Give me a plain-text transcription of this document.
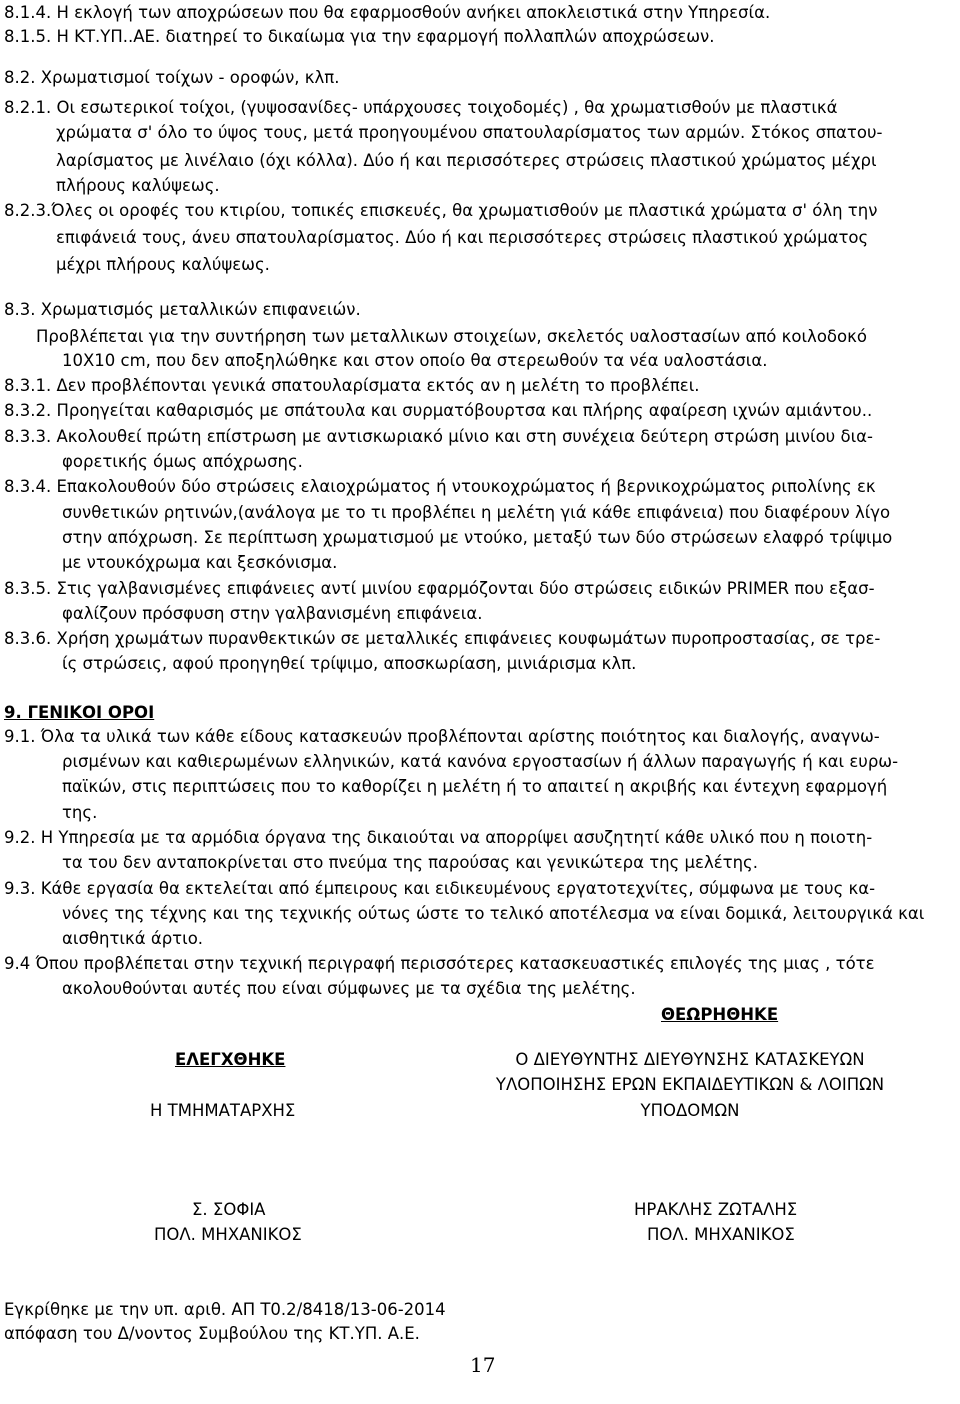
8.1.4. Η εκλογή των αποχρώσεων που θα εφαρμοσθούν ανήκει αποκλειστικά στην Υπηρεσία.
8.1.5. Η ΚΤ.ΥΠ..ΑΕ. διατηρεί το δικαίωμα για την εφαρμογή πολλαπλών αποχρώσεων.
8.2. Χρωματισμοί τοίχων - οροφών, κλπ.
8.2.1. Οι εσωτερικοί τοίχοι, (γυψοσανίδες- υπάρχουσες τοιχοδομές) , θα χρωματισθούν με πλαστικά
χρώματα σ' όλο το ύψος τους, μετά προηγουμένου σπατουλαρίσματος των αρμών. Στόκος σπατου-
λαρίσματος με λινέλαιο (όχι κόλλα). Δύο ή και περισσότερες στρώσεις πλαστικού χρώματος μέχρι
πλήρους καλύψεως.
8.2.3.Όλες οι οροφές του κτιρίου, τοπικές επισκευές, θα χρωματισθούν με πλαστικά χρώματα σ' όλη την
επιφάνειά τους, άνευ σπατουλαρίσματος. Δύο ή και περισσότερες στρώσεις πλαστικού χρώματος
μέχρι πλήρους καλύψεως.
8.3. Χρωματισμός μεταλλικών επιφανειών.
Προβλέπεται για την συντήρηση των μεταλλικων στοιχείων, σκελετός υαλοστασίων από κοιλοδοκό
10Χ10 cm, που δεν αποξηλώθηκε και στον οποίο θα στερεωθούν τα νέα υαλοστάσια.
8.3.1. Δεν προβλέπονται γενικά σπατουλαρίσματα εκτός αν η μελέτη το προβλέπει.
8.3.2. Προηγείται καθαρισμός με σπάτουλα και συρματόβουρτσα και πλήρης αφαίρεση ιχνών αμιάντου..
8.3.3. Ακολουθεί πρώτη επίστρωση με αντισκωριακό μίνιο και στη συνέχεια δεύτερη στρώση μινίου δια-
φορετικής όμως απόχρωσης.
8.3.4. Επακολουθούν δύο στρώσεις ελαιοχρώματος ή ντουκοχρώματος ή βερνικοχρώματος ριπολίνης εκ
συνθετικών ρητινών,(ανάλογα με το τι προβλέπει η μελέτη γιά κάθε επιφάνεια) που διαφέρουν λίγο
στην απόχρωση. Σε περίπτωση χρωματισμού με ντούκο, μεταξύ των δύο στρώσεων ελαφρό τρίψιμο
με ντουκόχρωμα και ξεσκόνισμα.
8.3.5. Στις γαλβανισμένες επιφάνειες αντί μινίου εφαρμόζονται δύο στρώσεις ειδικών PRIMER που εξασ-
φαλίζουν πρόσφυση στην γαλβανισμένη επιφάνεια.
8.3.6. Χρήση χρωμάτων πυρανθεκτικών σε μεταλλικές επιφάνειες κουφωμάτων πυροπροστασίας, σε τρε-
ίς στρώσεις, αφού προηγηθεί τρίψιμο, αποσκωρίαση, μινιάρισμα κλπ.
9. ΓΕΝΙΚΟΙ ΟΡΟΙ
9.1. Όλα τα υλικά των κάθε είδους κατασκευών προβλέπονται αρίστης ποιότητος και διαλογής, αναγνω-
ρισμένων και καθιερωμένων ελληνικών, κατά κανόνα εργοστασίων ή άλλων παραγωγής ή και ευρω-
παϊκών, στις περιπτώσεις που το καθορίζει η μελέτη ή το απαιτεί η ακριβής και έντεχνη εφαρμογή
της.
9.2. Η Υπηρεσία με τα αρμόδια όργανα της δικαιούται να απορρίψει ασυζητητί κάθε υλικό που η ποιοτη-
τα του δεν ανταποκρίνεται στο πνεύμα της παρούσας και γενικώτερα της μελέτης.
9.3. Κάθε εργασία θα εκτελείται από έμπειρους και ειδικευμένους εργατοτεχνίτες, σύμφωνα με τους κα-
νόνες της τέχνης και της τεχνικής ούτως ώστε το τελικό αποτέλεσμα να είναι δομικά, λειτουργικά και
αισθητικά άρτιο.
9.4 Όπου προβλέπεται στην τεχνική περιγραφή περισσότερες κατασκευαστικές επιλογές της μιας , τότε
ακολουθούνται αυτές που είναι σύμφωνες με τα σχέδια της μελέτης.
ΘΕΩΡΗΘΗΚΕ
ΕΛΕΓΧΘΗΚΕ	Ο ΔΙΕΥΘΥΝΤΗΣ ΔΙΕΥΘΥΝΣΗΣ ΚΑΤΑΣΚΕΥΩΝ
ΥΛΟΠΟΙΗΣΗΣ ΕΡΩΝ ΕΚΠΑΙΔΕΥΤΙΚΩΝ & ΛΟΙΠΩΝ
Η ΤΜΗΜΑΤΑΡΧΗΣ	ΥΠΟΔΟΜΩΝ
Σ. ΣΟΦΙΑ	ΗΡΑΚΛΗΣ ΖΩΤΑΛΗΣ
ΠΟΛ. ΜΗΧΑΝΙΚΟΣ	ΠΟΛ. ΜΗΧΑΝΙΚΟΣ
Εγκρίθηκε με την υπ. αριθ. ΑΠ Τ0.2/8418/13-06-2014
απόφαση του Δ/νοντος Συμβούλου της ΚΤ.ΥΠ. Α.Ε.
17
